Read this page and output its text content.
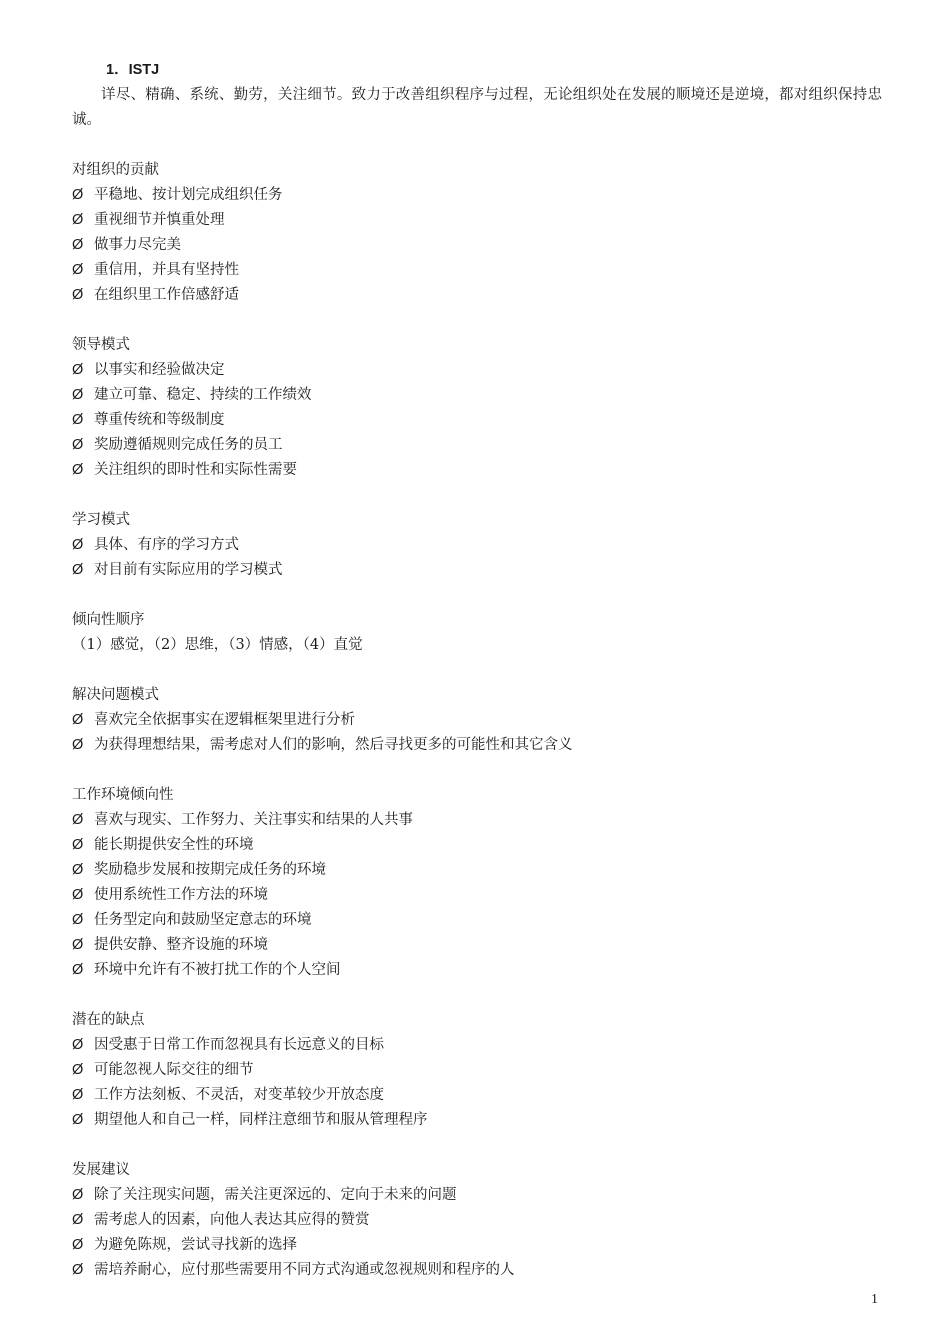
1．ISTJ

详尽、精确、系统、勤劳，关注细节。致力于改善组织程序与过程，无论组织处在发展的顺境还是逆境，都对组织保持忠诚。

对组织的贡献
Ø 平稳地、按计划完成组织任务
Ø 重视细节并慎重处理
Ø 做事力尽完美
Ø 重信用，并具有坚持性
Ø 在组织里工作倍感舒适
领导模式
Ø 以事实和经验做决定
Ø 建立可靠、稳定、持续的工作绩效
Ø 尊重传统和等级制度
Ø 奖励遵循规则完成任务的员工
Ø 关注组织的即时性和实际性需要
学习模式
Ø 具体、有序的学习方式
Ø 对目前有实际应用的学习模式
倾向性顺序
（1）感觉，（2）思维，（3）情感，（4）直觉
解决问题模式
Ø 喜欢完全依据事实在逻辑框架里进行分析
Ø 为获得理想结果，需考虑对人们的影响，然后寻找更多的可能性和其它含义
工作环境倾向性
Ø 喜欢与现实、工作努力、关注事实和结果的人共事
Ø 能长期提供安全性的环境
Ø 奖励稳步发展和按期完成任务的环境
Ø 使用系统性工作方法的环境
Ø 任务型定向和鼓励坚定意志的环境
Ø 提供安静、整齐设施的环境
Ø 环境中允许有不被打扰工作的个人空间
潜在的缺点
Ø 因受惠于日常工作而忽视具有长远意义的目标
Ø 可能忽视人际交往的细节
Ø 工作方法刻板、不灵活，对变革较少开放态度
Ø 期望他人和自己一样，同样注意细节和服从管理程序
发展建议
Ø 除了关注现实问题，需关注更深远的、定向于未来的问题
Ø 需考虑人的因素，向他人表达其应得的赞赏
Ø 为避免陈规，尝试寻找新的选择
Ø 需培养耐心，应付那些需要用不同方式沟通或忽视规则和程序的人
1
